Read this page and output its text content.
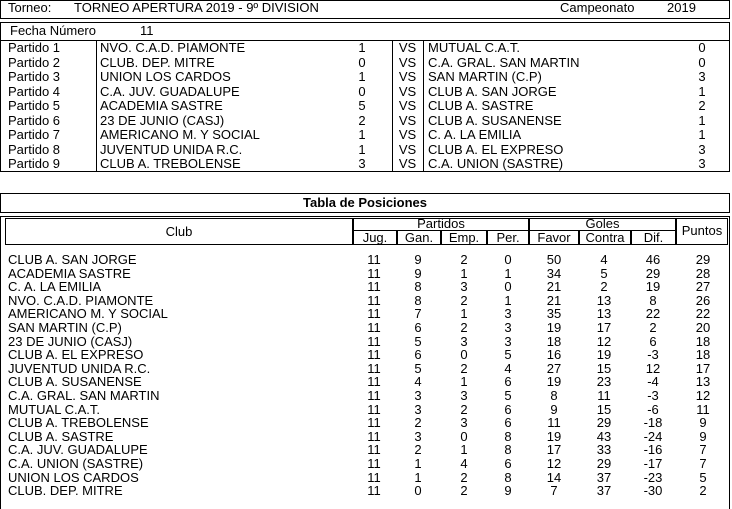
Torneo: TORNEO APERTURA 2019 - 9º DIVISION	Campeonato	2019
Fecha Número	11
Partido 1	NVO. C.A.D. PIAMONTE	1	VS MUTUAL C.A.T.	0
Partido 2	CLUB. DEP. MITRE	0	VS C.A. GRAL. SAN MARTIN	0
Partido 3	UNION LOS CARDOS	1	VS SAN MARTIN (C.P)	3
Partido 4	C.A. JUV. GUADALUPE	0	VS CLUB A. SAN JORGE	1
Partido 5	ACADEMIA SASTRE	5	VS CLUB A. SASTRE	2
Partido 6	23 DE JUNIO (CASJ)	2	VS CLUB A. SUSANENSE	1
Partido 7	AMERICANO M. Y SOCIAL	1	VS C. A. LA EMILIA	1
Partido 8	JUVENTUD UNIDA R.C.	1	VS CLUB A. EL EXPRESO	3
Partido 9	CLUB A. TREBOLENSE	3	VS C.A. UNION (SASTRE)	3
Tabla de Posiciones
Club
Partidos	Goles	Puntos
Jug.	Gan.	Emp.	Per.	Favor	Contra	Dif.
CLUB A. SAN JORGE	11	9	2	0	50	4	46	29
ACADEMIA SASTRE	11	9	1	1	34	5	29	28
C. A. LA EMILIA	11	8	3	0	21	2	19	27
NVO. C.A.D. PIAMONTE	11	8	2	1	21	13	8	26
AMERICANO M. Y SOCIAL	11	7	1	3	35	13	22	22
SAN MARTIN (C.P)	11	6	2	3	19	17	2	20
23 DE JUNIO (CASJ)	11	5	3	3	18	12	6	18
CLUB A. EL EXPRESO	11	6	0	5	16	19	-3	18
JUVENTUD UNIDA R.C.	11	5	2	4	27	15	12	17
CLUB A. SUSANENSE	11	4	1	6	19	23	-4	13
C.A. GRAL. SAN MARTIN	11	3	3	5	8	11	-3	12
MUTUAL C.A.T.	11	3	2	6	9	15	-6	11
CLUB A. TREBOLENSE	11	2	3	6	11	29	-18	9
CLUB A. SASTRE	11	3	0	8	19	43	-24	9
C.A. JUV. GUADALUPE	11	2	1	8	17	33	-16	7
C.A. UNION (SASTRE)	11	1	4	6	12	29	-17	7
UNION LOS CARDOS	11	1	2	8	14	37	-23	5
CLUB. DEP. MITRE	11	0	2	9	7	37	-30	2
